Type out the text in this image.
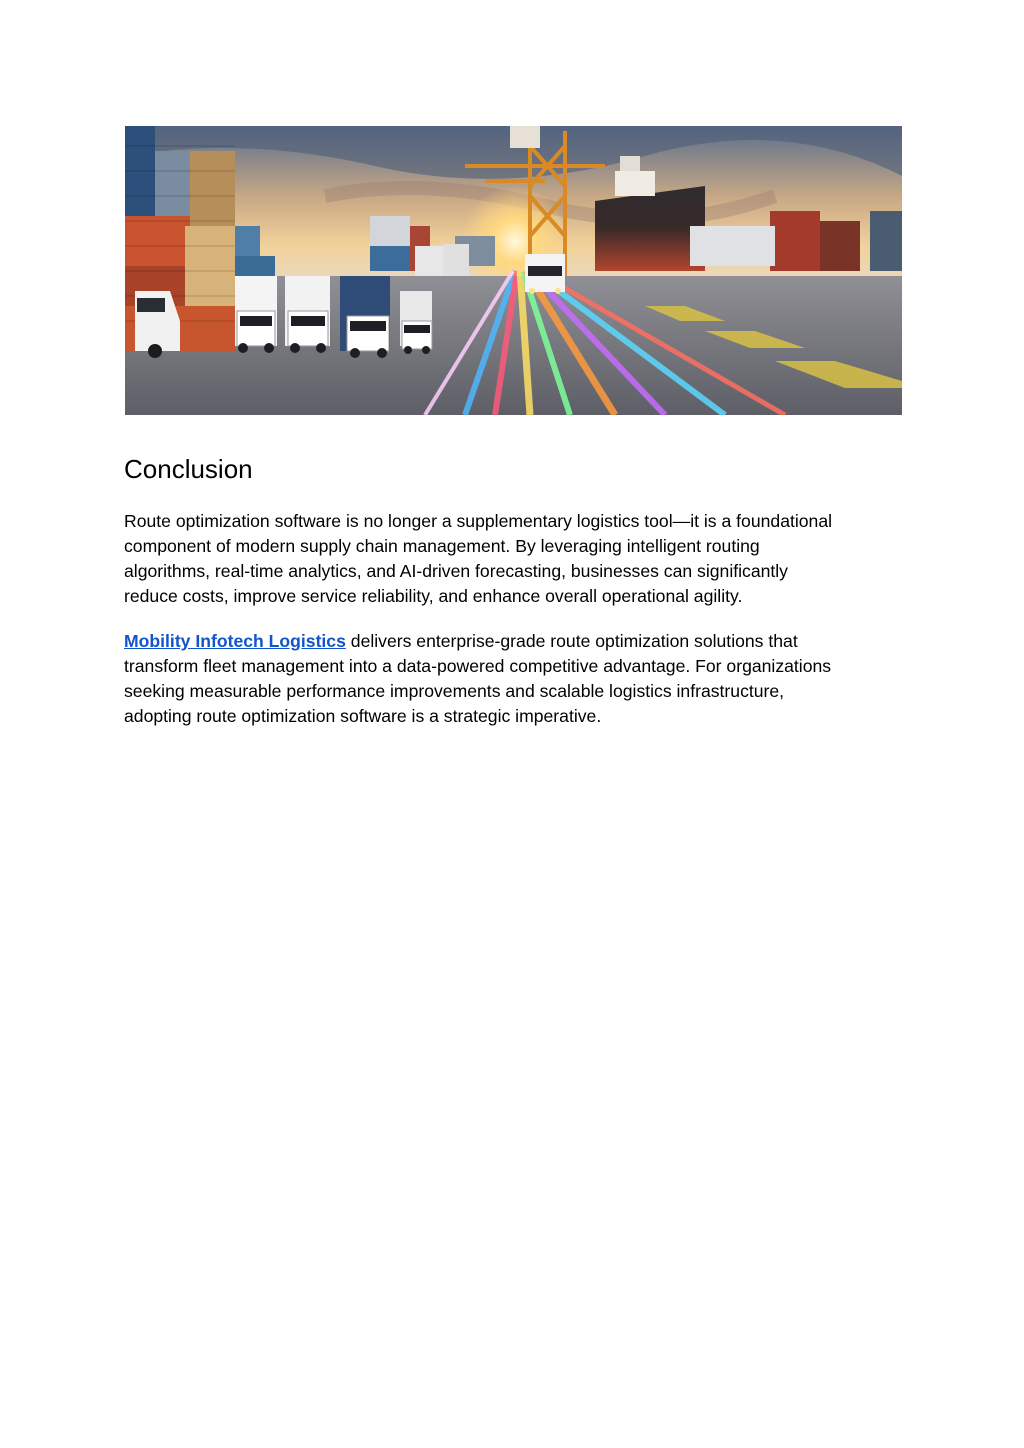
Conclusion

Route optimization software is no longer a supplementary logistics tool—it is a foundational
component of modern supply chain management. By leveraging intelligent routing
algorithms, real-time analytics, and AI-driven forecasting, businesses can significantly
reduce costs, improve service reliability, and enhance overall operational agility.

Mobility Infotech Logistics delivers enterprise-grade route optimization solutions that
transform fleet management into a data-powered competitive advantage. For organizations
seeking measurable performance improvements and scalable logistics infrastructure,
adopting route optimization software is a strategic imperative.
